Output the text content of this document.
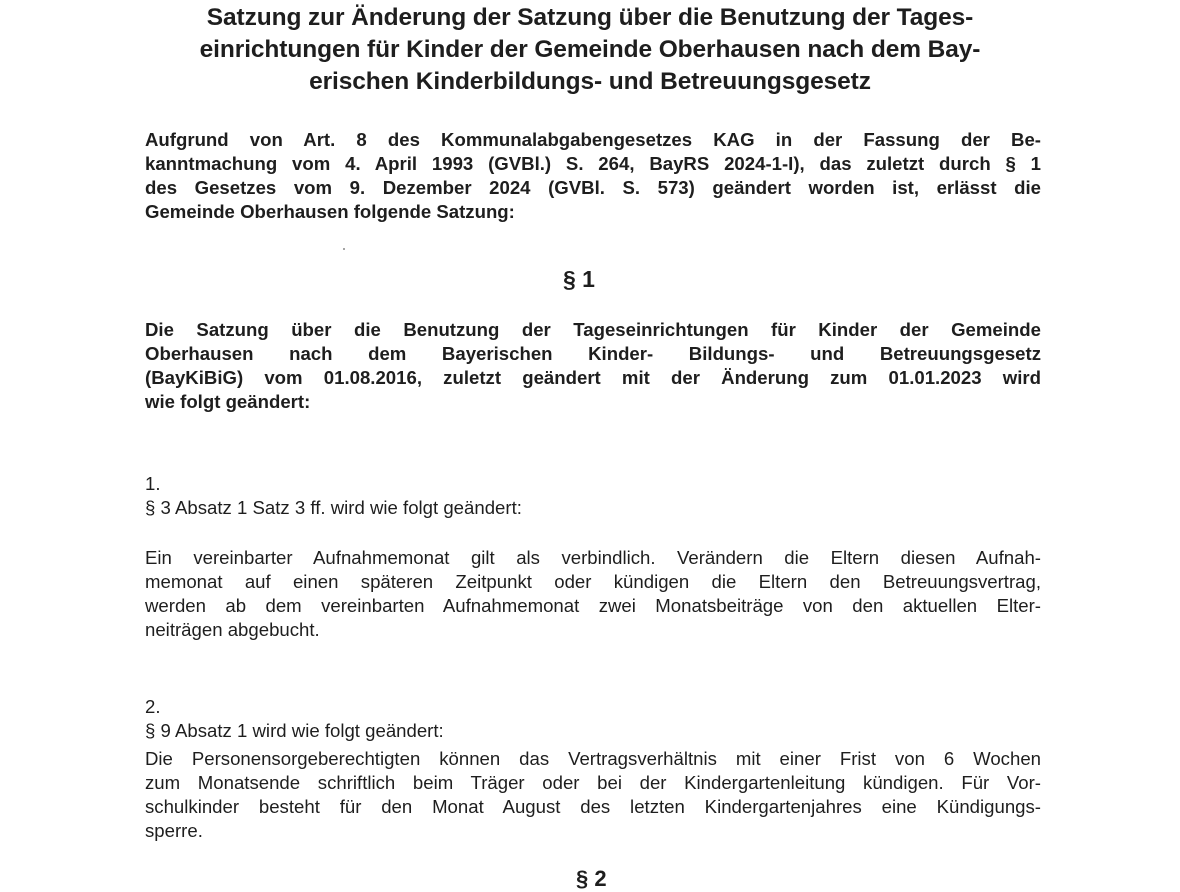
Satzung zur Änderung der Satzung über die Benutzung der Tages-
einrichtungen für Kinder der Gemeinde Oberhausen nach dem Bay-
erischen Kinderbildungs- und Betreuungsgesetz
Aufgrund von Art. 8 des Kommunalabgabengesetzes KAG in der Fassung der Be-
kanntmachung vom 4. April 1993 (GVBl.) S. 264, BayRS 2024-1-I), das zuletzt durch § 1
des Gesetzes vom 9. Dezember 2024 (GVBl. S. 573) geändert worden ist, erlässt die
Gemeinde Oberhausen folgende Satzung:
§ 1
Die Satzung über die Benutzung der Tageseinrichtungen für Kinder der Gemeinde
Oberhausen nach dem Bayerischen Kinder- Bildungs- und Betreuungsgesetz
(BayKiBiG) vom 01.08.2016, zuletzt geändert mit der Änderung zum 01.01.2023 wird
wie folgt geändert:
1.
§ 3 Absatz 1 Satz 3 ff. wird wie folgt geändert:
Ein vereinbarter Aufnahmemonat gilt als verbindlich. Verändern die Eltern diesen Aufnah-
memonat auf einen späteren Zeitpunkt oder kündigen die Eltern den Betreuungsvertrag,
werden ab dem vereinbarten Aufnahmemonat zwei Monatsbeiträge von den aktuellen Elter-
neiträgen abgebucht.
2.
§ 9 Absatz 1 wird wie folgt geändert:
Die Personensorgeberechtigten können das Vertragsverhältnis mit einer Frist von 6 Wochen
zum Monatsende schriftlich beim Träger oder bei der Kindergartenleitung kündigen. Für Vor-
schulkinder besteht für den Monat August des letzten Kindergartenjahres eine Kündigungs-
sperre.
§ 2
